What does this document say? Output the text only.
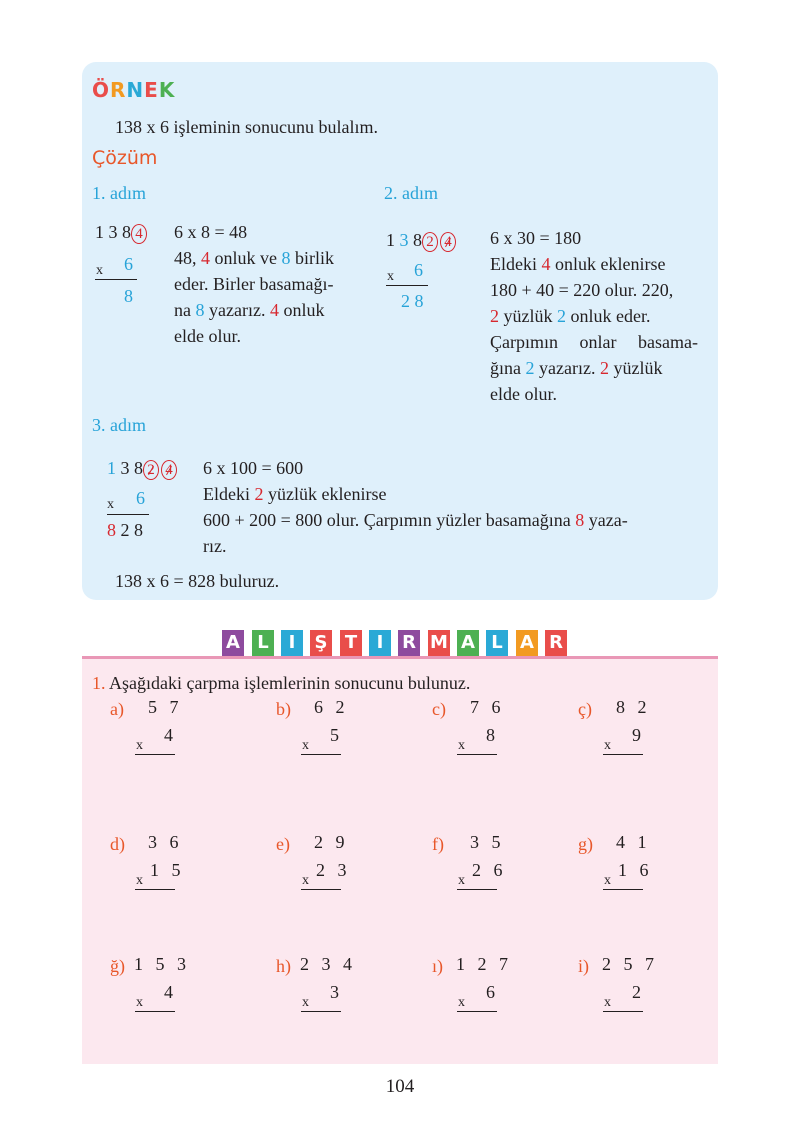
ÖRNEK
138 x 6 işleminin sonucunu bulalım.
Çözüm
1. adım
1 3 8 4
x 6
8
6 x 8 = 48
48, 4 onluk ve 8 birlik
eder. Birler basamağı-
na 8 yazarız. 4 onluk
elde olur.
2. adım
1 3 8 2 4
x 6
2 8
6 x 30 = 180
Eldeki 4 onluk eklenirse
180 + 40 = 220 olur. 220,
2 yüzlük 2 onluk eder.
Çarpımın onlar basama-
ğına 2 yazarız. 2 yüzlük
elde olur.
3. adım
1 3 8 2 4
x 6
8 2 8
6 x 100 = 600
Eldeki 2 yüzlük eklenirse
600 + 200 = 800 olur. Çarpımın yüzler basamağına 8 yaza-
rız.
138 x 6 = 828 buluruz.
A L	I	Ş T	I	R M A L A R
1. Aşağıdaki çarpma işlemlerinin sonucunu bulunuz.
a) 5 7
x
4
b) 6 2
x
5
c) 7 6
x
8
ç) 8 2
x
9
d) 3 6
x
1 5
e) 2 9
x
2 3
f) 3 5
x
2 6
g) 4 1
x
1 6
ğ) 1 5 3
x
4
h) 2 3 4
x
3
ı) 1 2 7
x
6
i) 2 5 7
x
2
104
